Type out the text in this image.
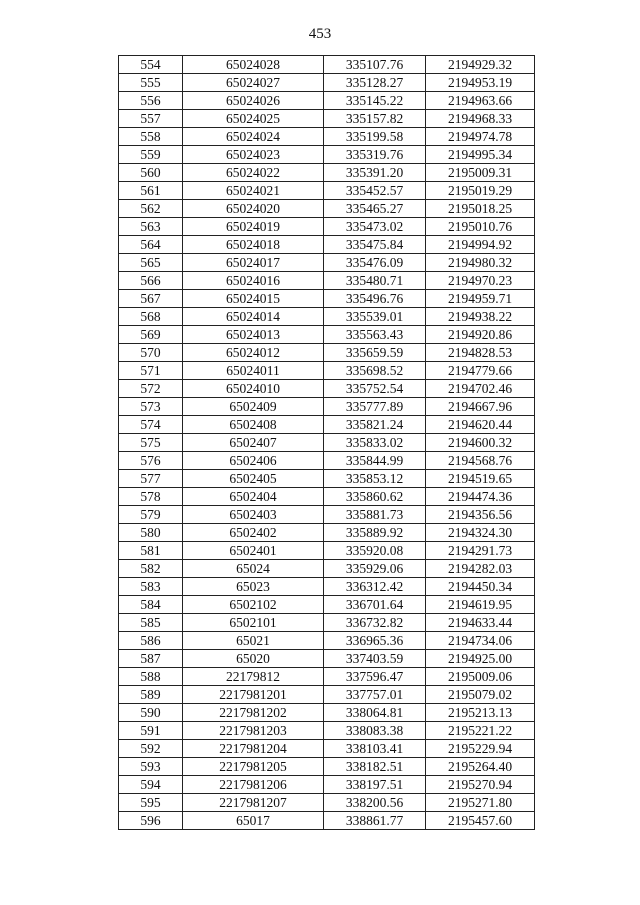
453
554	65024028	335107.76	2194929.32
555	65024027	335128.27	2194953.19
556	65024026	335145.22	2194963.66
557	65024025	335157.82	2194968.33
558	65024024	335199.58	2194974.78
559	65024023	335319.76	2194995.34
560	65024022	335391.20	2195009.31
561	65024021	335452.57	2195019.29
562	65024020	335465.27	2195018.25
563	65024019	335473.02	2195010.76
564	65024018	335475.84	2194994.92
565	65024017	335476.09	2194980.32
566	65024016	335480.71	2194970.23
567	65024015	335496.76	2194959.71
568	65024014	335539.01	2194938.22
569	65024013	335563.43	2194920.86
570	65024012	335659.59	2194828.53
571	65024011	335698.52	2194779.66
572	65024010	335752.54	2194702.46
573	6502409	335777.89	2194667.96
574	6502408	335821.24	2194620.44
575	6502407	335833.02	2194600.32
576	6502406	335844.99	2194568.76
577	6502405	335853.12	2194519.65
578	6502404	335860.62	2194474.36
579	6502403	335881.73	2194356.56
580	6502402	335889.92	2194324.30
581	6502401	335920.08	2194291.73
582	65024	335929.06	2194282.03
583	65023	336312.42	2194450.34
584	6502102	336701.64	2194619.95
585	6502101	336732.82	2194633.44
586	65021	336965.36	2194734.06
587	65020	337403.59	2194925.00
588	22179812	337596.47	2195009.06
589	2217981201	337757.01	2195079.02
590	2217981202	338064.81	2195213.13
591	2217981203	338083.38	2195221.22
592	2217981204	338103.41	2195229.94
593	2217981205	338182.51	2195264.40
594	2217981206	338197.51	2195270.94
595	2217981207	338200.56	2195271.80
596	65017	338861.77	2195457.60
